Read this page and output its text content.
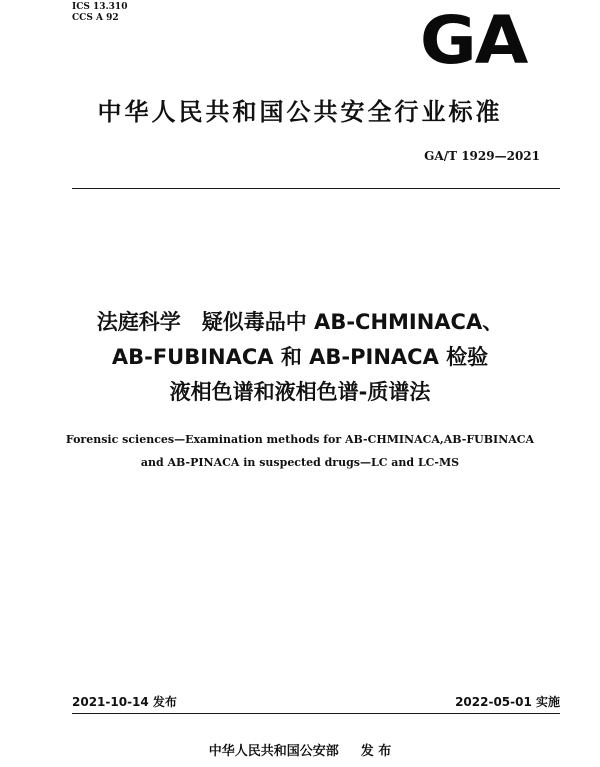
ICS 13.310
CCS A 92	GA
中华人民共和国公共安全行业标准
GA/T 1929—2021
法庭科学　疑似毒品中 AB-CHMINACA、
AB-FUBINACA 和 AB-PINACA 检验
液相色谱和液相色谱-质谱法
Forensic sciences—Examination methods for AB-CHMINACA,AB-FUBINACA
and AB-PINACA in suspected drugs—LC and LC-MS
2021-10-14 发布	2022-05-01 实施
中华人民共和国公安部 发 布
